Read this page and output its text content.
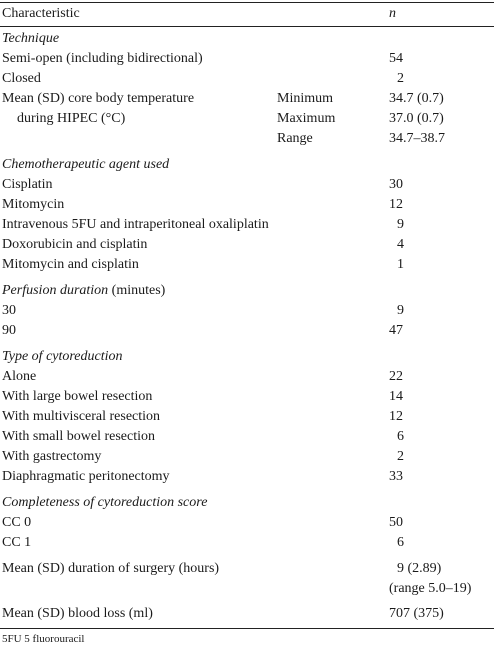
Characteristic	n
Technique
Semi-open (including bidirectional)	54
Closed	2
Mean (SD) core body temperature
during HIPEC (°C)
Minimum	34.7 (0.7)
Maximum	37.0 (0.7)
Range	34.7–38.7
Chemotherapeutic agent used
Cisplatin	30
Mitomycin	12
Intravenous 5FU and intraperitoneal oxaliplatin	9
Doxorubicin and cisplatin	4
Mitomycin and cisplatin	1
Perfusion duration (minutes)
30	9
90	47
Type of cytoreduction
Alone	22
With large bowel resection	14
With multivisceral resection	12
With small bowel resection	6
With gastrectomy	2
Diaphragmatic peritonectomy	33
Completeness of cytoreduction score
CC 0	50
CC 1	6
Mean (SD) duration of surgery (hours)	9 (2.89)
(range 5.0–19)
Mean (SD) blood loss (ml)	707 (375)
5FU 5 fluorouracil
